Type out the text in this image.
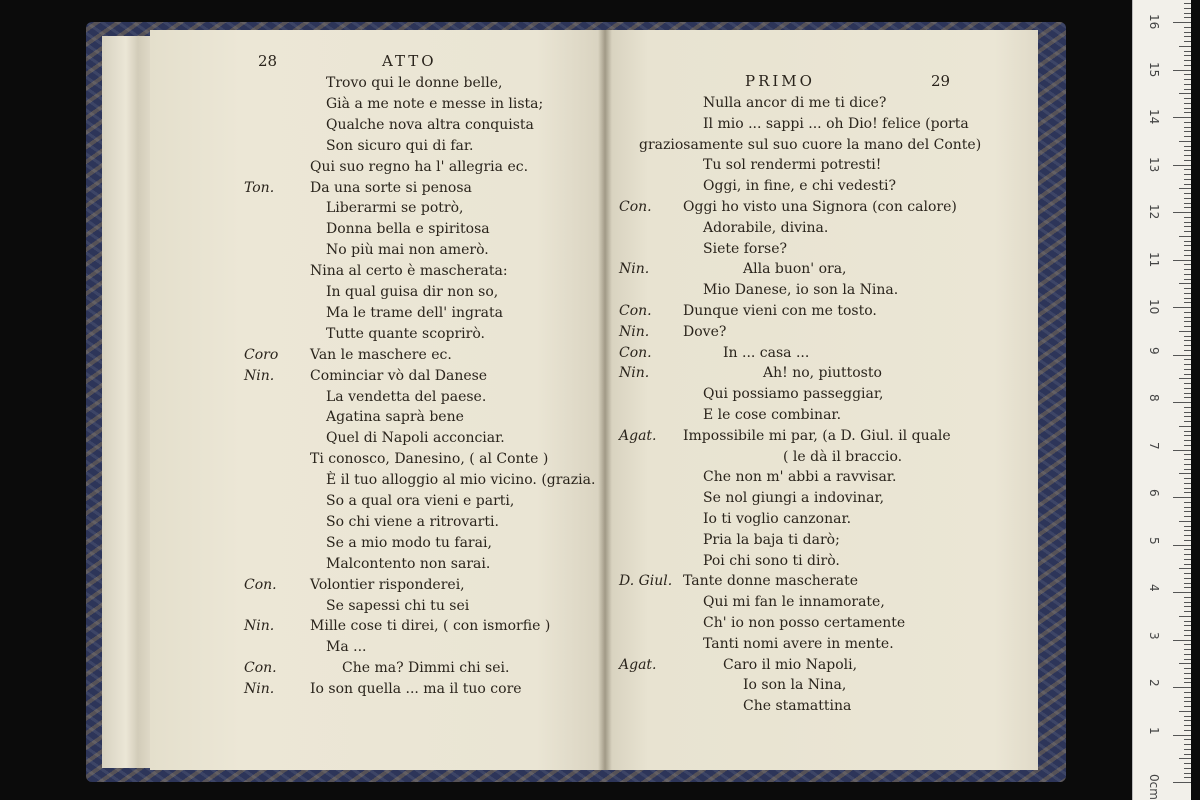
28	ATTO
Trovo qui le donne belle,
Già a me note e messe in lista;
Qualche nova altra conquista
Son sicuro qui di far.
Qui suo regno ha l' allegria ec.
Ton.	Da una sorte si penosa
Liberarmi se potrò,
Donna bella e spiritosa
No più mai non amerò.
Nina al certo è mascherata:
In qual guisa dir non so,
Ma le trame dell' ingrata
Tutte quante scoprirò.
Coro Van le maschere ec.
Nin.	Cominciar vò dal Danese
La vendetta del paese.
Agatina saprà bene
Quel di Napoli acconciar.
Ti conosco, Danesino, ( al Conte )
È il tuo alloggio al mio vicino. (grazia.
So a qual ora vieni e parti,
So chi viene a ritrovarti.
Se a mio modo tu farai,
Malcontento non sarai.
Con. Volontier risponderei,
Se sapessi chi tu sei
Nin.	Mille cose ti direi, ( con ismorfie )
Ma ...
Con.	Che ma? Dimmi chi sei.
Nin.	Io son quella ... ma il tuo core
PRIMO	29
Nulla ancor di me ti dice?
Il mio ... sappi ... oh Dio! felice (porta
graziosamente sul suo cuore la mano del Conte)
Tu sol rendermi potresti!
Oggi, in fine, e chi vedesti?
Con. Oggi ho visto una Signora (con calore)
Adorabile, divina.
Siete forse?
Nin.	Alla buon' ora,
Mio Danese, io son la Nina.
Con. Dunque vieni con me tosto.
Nin. Dove?
Con.	In ... casa ...
Nin.	Ah! no, piuttosto
Qui possiamo passeggiar,
E le cose combinar.
Agat. Impossibile mi par, (a D. Giul. il quale
( le dà il braccio.
Che non m' abbi a ravvisar.
Se nol giungi a indovinar,
Io ti voglio canzonar.
Pria la baja ti darò;
Poi chi sono ti dirò.
D. Giul. Tante donne mascherate
Qui mi fan le innamorate,
Ch' io non posso certamente
Tanti nomi avere in mente.
Agat.	Caro il mio Napoli,
Io son la Nina,
Che stamattina
0cm
1
2
3
4
5
6
7
8
9
10
11
12
13
14
15
16
